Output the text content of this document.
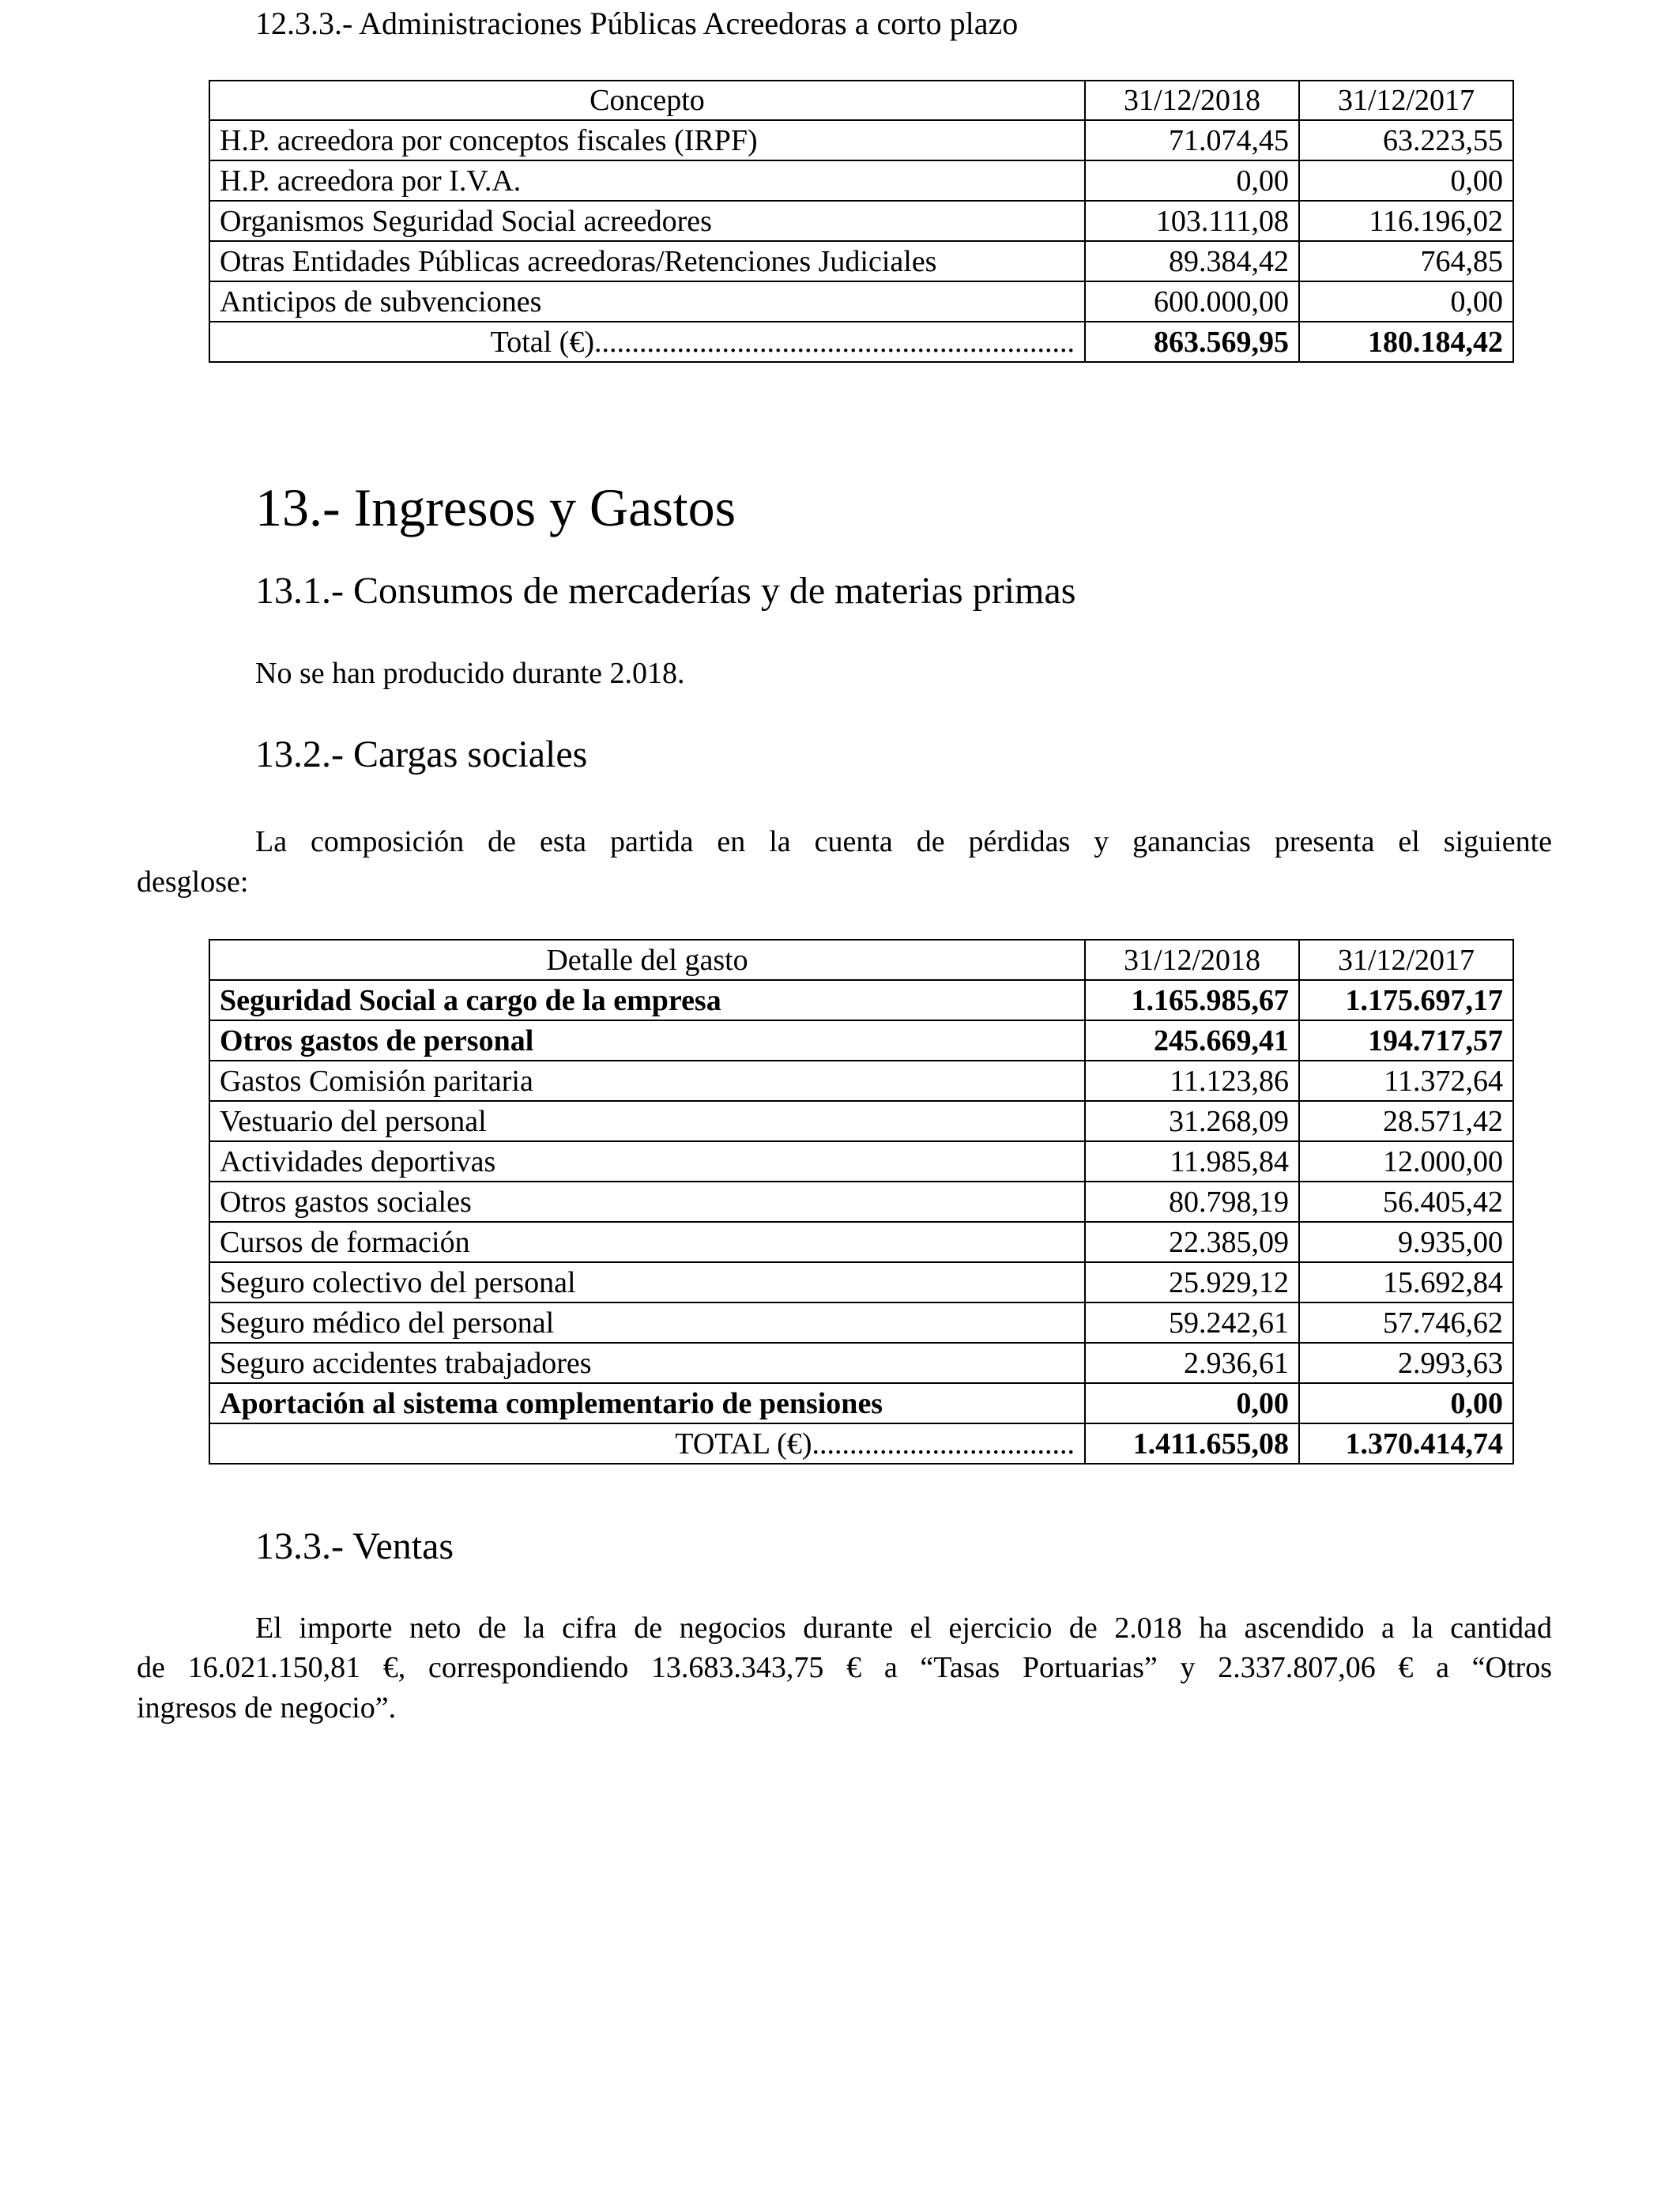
12.3.3.- Administraciones Públicas Acreedoras a corto plazo
Concepto	31/12/2018	31/12/2017
H.P. acreedora por conceptos fiscales (IRPF)	71.074,45	63.223,55
H.P. acreedora por I.V.A.	0,00	0,00
Organismos Seguridad Social acreedores	103.111,08	116.196,02
Otras Entidades Públicas acreedoras/Retenciones Judiciales	89.384,42	764,85
Anticipos de subvenciones	600.000,00	0,00
Total (€)................................................................	863.569,95	180.184,42
13.- Ingresos y Gastos
13.1.- Consumos de mercaderías y de materias primas
No se han producido durante 2.018.
13.2.- Cargas sociales
La composición de esta partida en la cuenta de pérdidas y ganancias presenta el siguiente
desglose:
Detalle del gasto	31/12/2018	31/12/2017
Seguridad Social a cargo de la empresa	1.165.985,67	1.175.697,17
Otros gastos de personal	245.669,41	194.717,57
Gastos Comisión paritaria	11.123,86	11.372,64
Vestuario del personal	31.268,09	28.571,42
Actividades deportivas	11.985,84	12.000,00
Otros gastos sociales	80.798,19	56.405,42
Cursos de formación	22.385,09	9.935,00
Seguro colectivo del personal	25.929,12	15.692,84
Seguro médico del personal	59.242,61	57.746,62
Seguro accidentes trabajadores	2.936,61	2.993,63
Aportación al sistema complementario de pensiones	0,00	0,00
TOTAL (€)...................................	1.411.655,08	1.370.414,74
13.3.- Ventas
El importe neto de la cifra de negocios durante el ejercicio de 2.018 ha ascendido a la cantidad
de 16.021.150,81 €, correspondiendo 13.683.343,75 € a “Tasas Portuarias” y 2.337.807,06 € a “Otros
ingresos de negocio”.
